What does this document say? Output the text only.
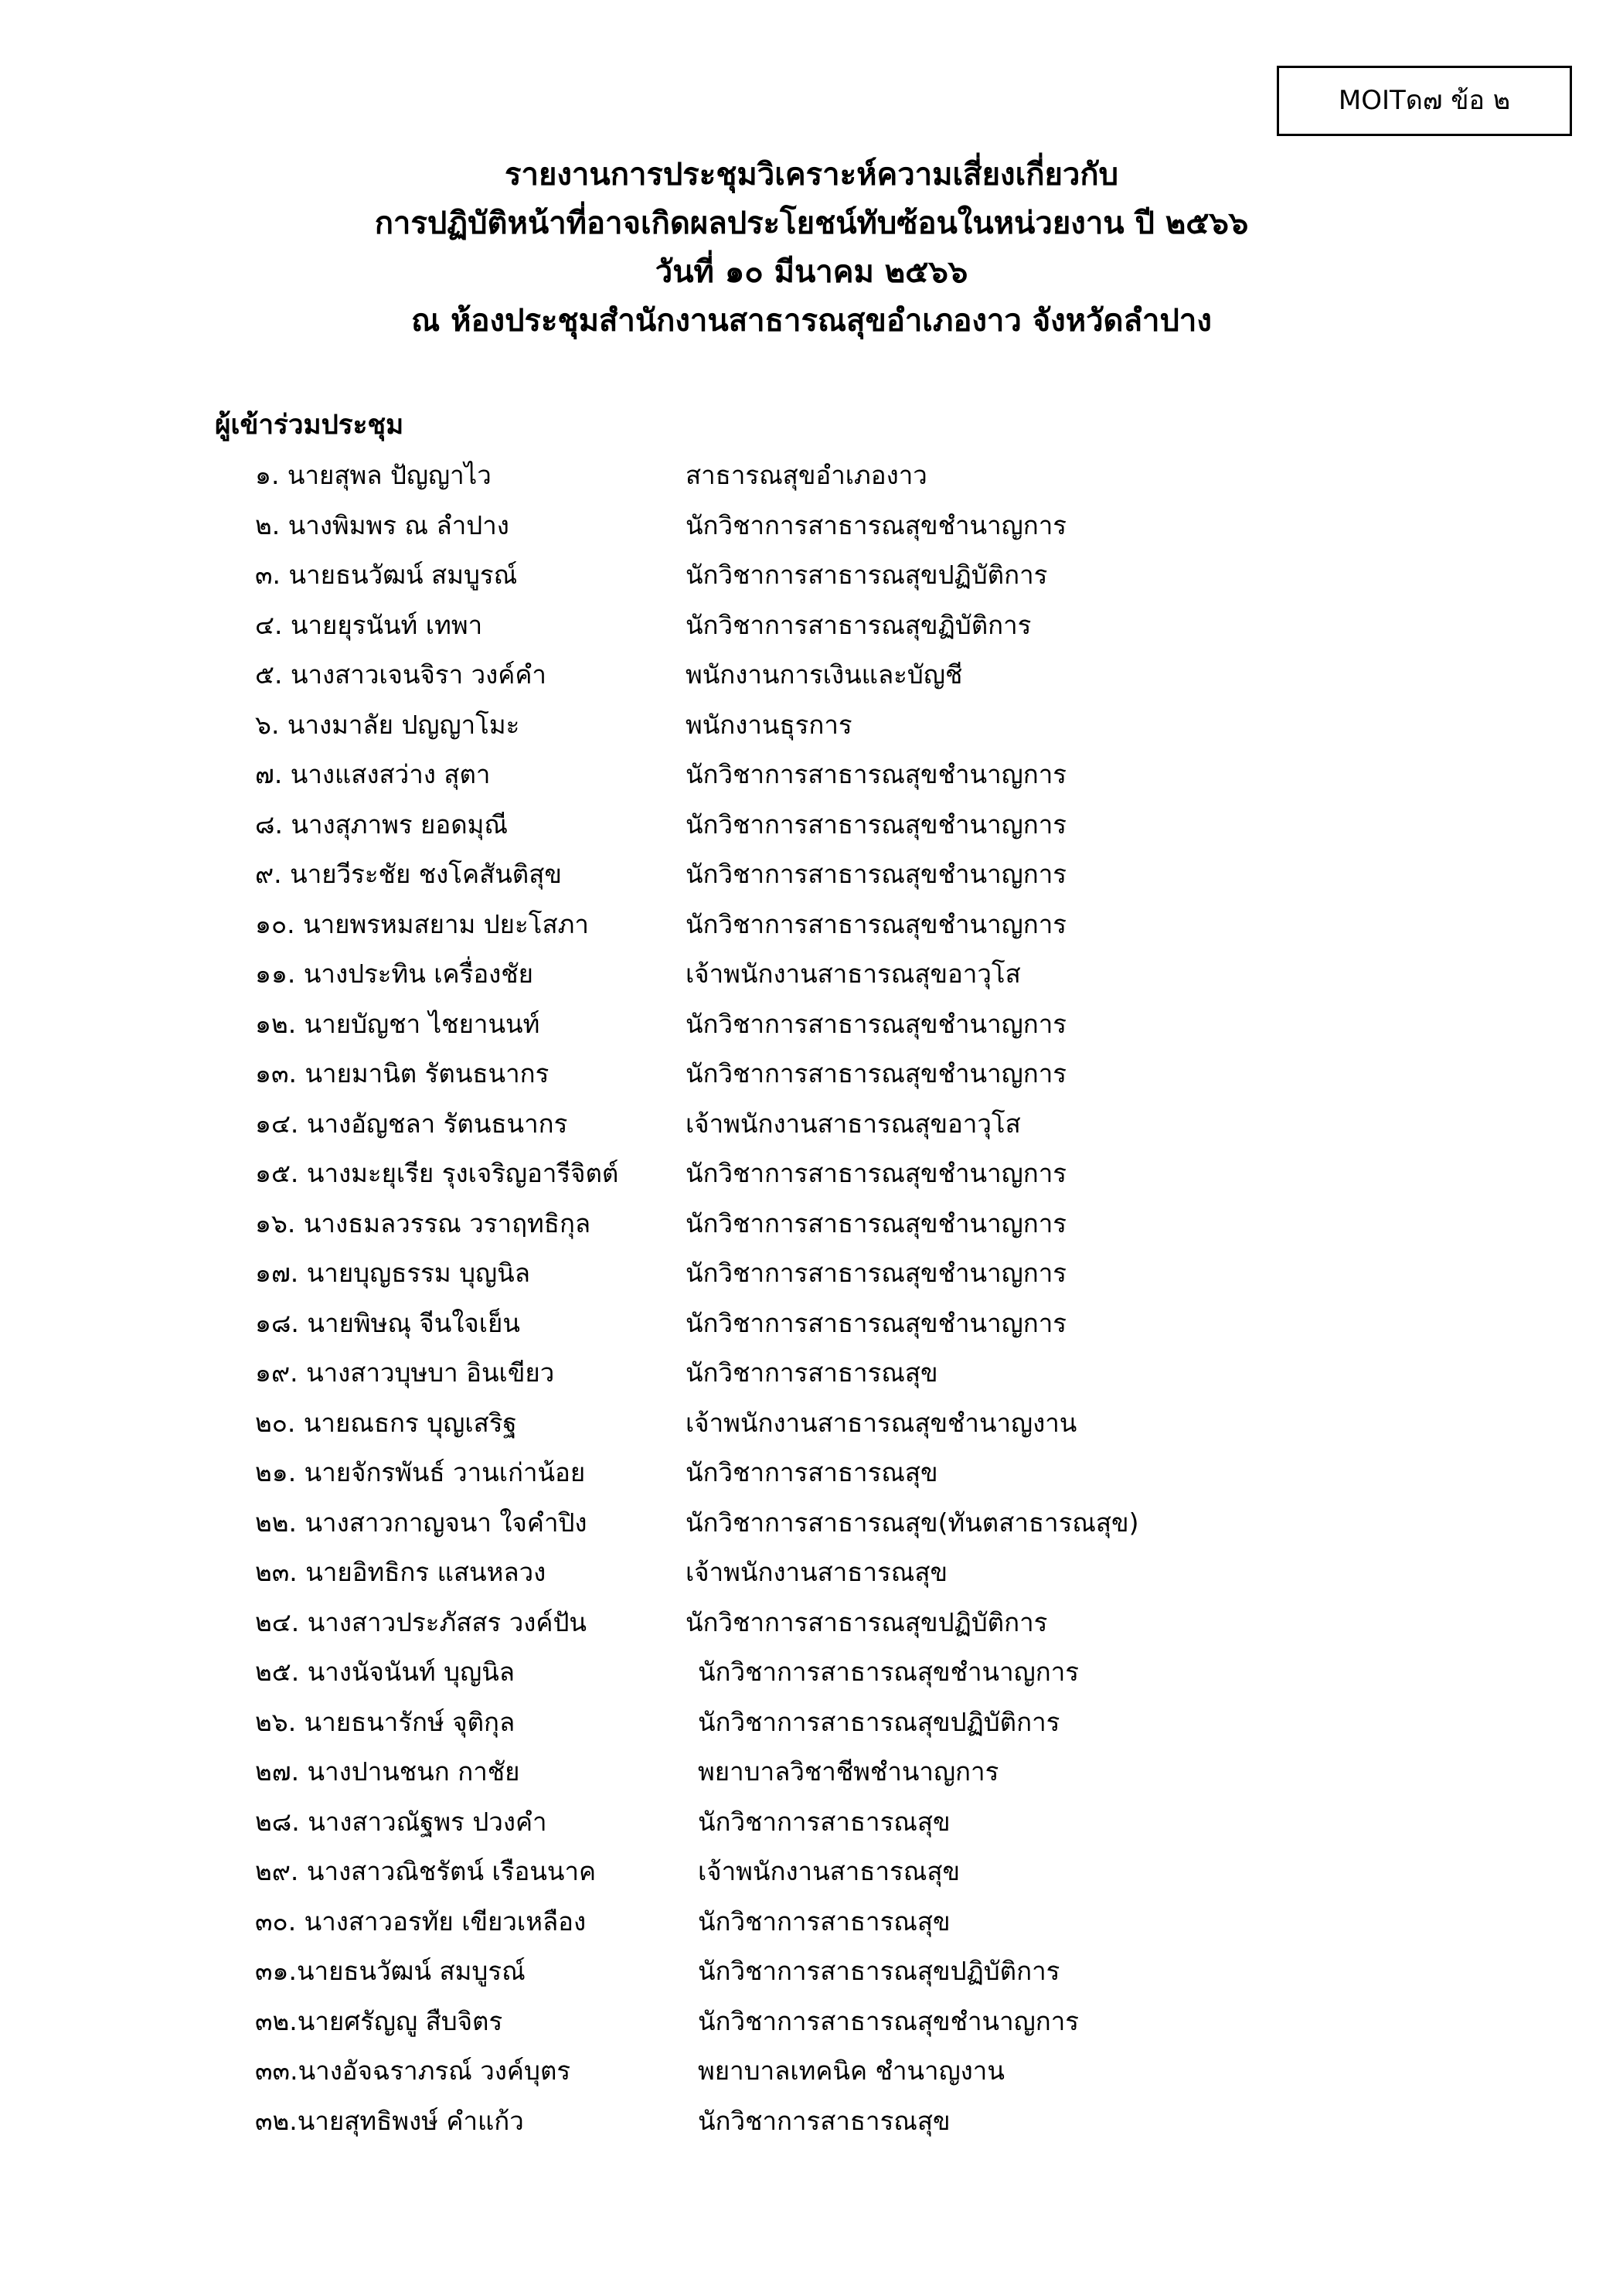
MOITด๗ ข้อ ๒
รายงานการประชุมวิเคราะห์ความเสี่ยงเกี่ยวกับ
การปฏิบัติหน้าที่อาจเกิดผลประโยชน์ทับซ้อนในหน่วยงาน ปี ๒๕๖๖
วันที่ ๑๐ มีนาคม ๒๕๖๖
ณ ห้องประชุมสำนักงานสาธารณสุขอำเภองาว จังหวัดลำปาง
ผู้เข้าร่วมประชุม
๑. นายสุพล ปัญญาไว	สาธารณสุขอำเภองาว
๒. นางพิมพร ณ ลำปาง	นักวิชาการสาธารณสุขชำนาญการ
๓. นายธนวัฒน์ สมบูรณ์	นักวิชาการสาธารณสุขปฏิบัติการ
๔. นายยุรนันท์ เทพา	นักวิชาการสาธารณสุขฏิบัติการ
๕. นางสาวเจนจิรา วงค์คำ	พนักงานการเงินและบัญชี
๖. นางมาลัย ปญญาโมะ	พนักงานธุรการ
๗. นางแสงสว่าง สุตา	นักวิชาการสาธารณสุขชำนาญการ
๘. นางสุภาพร ยอดมุณี	นักวิชาการสาธารณสุขชำนาญการ
๙. นายวีระชัย ชงโคสันติสุข	นักวิชาการสาธารณสุขชำนาญการ
๑๐. นายพรหมสยาม ปยะโสภา	นักวิชาการสาธารณสุขชำนาญการ
๑๑. นางประทิน เครื่องชัย	เจ้าพนักงานสาธารณสุขอาวุโส
๑๒. นายบัญชา ไชยานนท์	นักวิชาการสาธารณสุขชำนาญการ
๑๓. นายมานิต รัตนธนากร	นักวิชาการสาธารณสุขชำนาญการ
๑๔. นางอัญชลา รัตนธนากร	เจ้าพนักงานสาธารณสุขอาวุโส
๑๕. นางมะยุเรีย รุงเจริญอารีจิตต์	นักวิชาการสาธารณสุขชำนาญการ
๑๖. นางธมลวรรณ วราฤทธิกุล	นักวิชาการสาธารณสุขชำนาญการ
๑๗. นายบุญธรรม บุญนิล	นักวิชาการสาธารณสุขชำนาญการ
๑๘. นายพิษณุ จีนใจเย็น	นักวิชาการสาธารณสุขชำนาญการ
๑๙. นางสาวบุษบา อินเขียว	นักวิชาการสาธารณสุข
๒๐. นายณธกร บุญเสริฐ	เจ้าพนักงานสาธารณสุขชำนาญงาน
๒๑. นายจักรพันธ์ วานเก่าน้อย	นักวิชาการสาธารณสุข
๒๒. นางสาวกาญจนา ใจคำปิง	นักวิชาการสาธารณสุข(ทันตสาธารณสุข)
๒๓. นายอิทธิกร แสนหลวง	เจ้าพนักงานสาธารณสุข
๒๔. นางสาวประภัสสร วงค์ปัน	นักวิชาการสาธารณสุขปฏิบัติการ
๒๕. นางนัจนันท์ บุญนิล	นักวิชาการสาธารณสุขชำนาญการ
๒๖. นายธนารักษ์ จุติกุล	นักวิชาการสาธารณสุขปฏิบัติการ
๒๗. นางปานชนก กาชัย	พยาบาลวิชาชีพชำนาญการ
๒๘. นางสาวณัฐพร ปวงคำ	นักวิชาการสาธารณสุข
๒๙. นางสาวณิชรัตน์ เรือนนาค	เจ้าพนักงานสาธารณสุข
๓๐. นางสาวอรทัย เขียวเหลือง	นักวิชาการสาธารณสุข
๓๑.นายธนวัฒน์ สมบูรณ์	นักวิชาการสาธารณสุขปฏิบัติการ
๓๒.นายศรัญญู สืบจิตร	นักวิชาการสาธารณสุขชำนาญการ
๓๓.นางอัจฉราภรณ์ วงค์บุตร	พยาบาลเทคนิค ชำนาญงาน
๓๒.นายสุทธิพงษ์ คำแก้ว	นักวิชาการสาธารณสุข
